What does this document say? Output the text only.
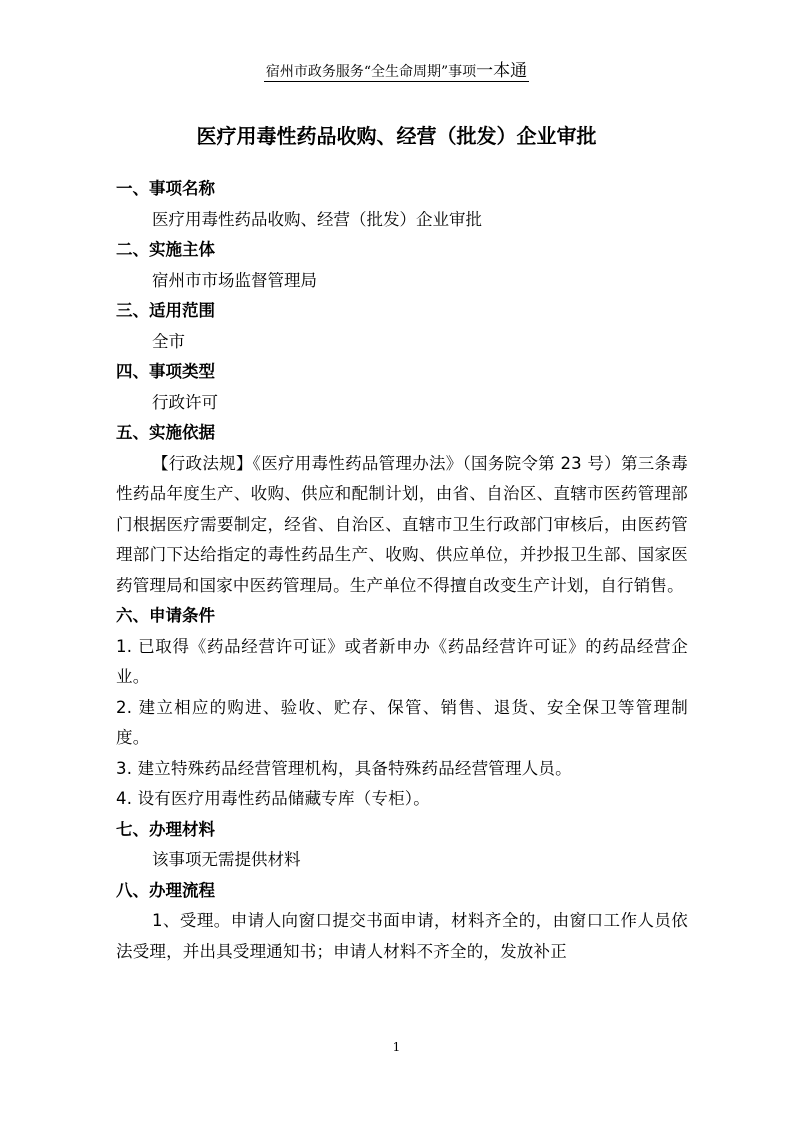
宿州市政务服务“全生命周期”事项一本通
医疗用毒性药品收购、经营（批发）企业审批
一、事项名称
医疗用毒性药品收购、经营（批发）企业审批
二、实施主体
宿州市市场监督管理局
三、适用范围
全市
四、事项类型
行政许可
五、实施依据
【行政法规】《医疗用毒性药品管理办法》（国务院令第 23 号）第三条毒性药品年度生产、收购、供应和配制计划，由省、自治区、直辖市医药管理部门根据医疗需要制定，经省、自治区、直辖市卫生行政部门审核后，由医药管理部门下达给指定的毒性药品生产、收购、供应单位，并抄报卫生部、国家医药管理局和国家中医药管理局。生产单位不得擅自改变生产计划，自行销售。
六、申请条件
1. 已取得《药品经营许可证》或者新申办《药品经营许可证》的药品经营企业。
2. 建立相应的购进、验收、贮存、保管、销售、退货、安全保卫等管理制度。
3. 建立特殊药品经营管理机构，具备特殊药品经营管理人员。
4. 设有医疗用毒性药品储藏专库（专柜）。
七、办理材料
该事项无需提供材料
八、办理流程
1、受理。申请人向窗口提交书面申请，材料齐全的，由窗口工作人员依法受理，并出具受理通知书；申请人材料不齐全的，发放补正
1
